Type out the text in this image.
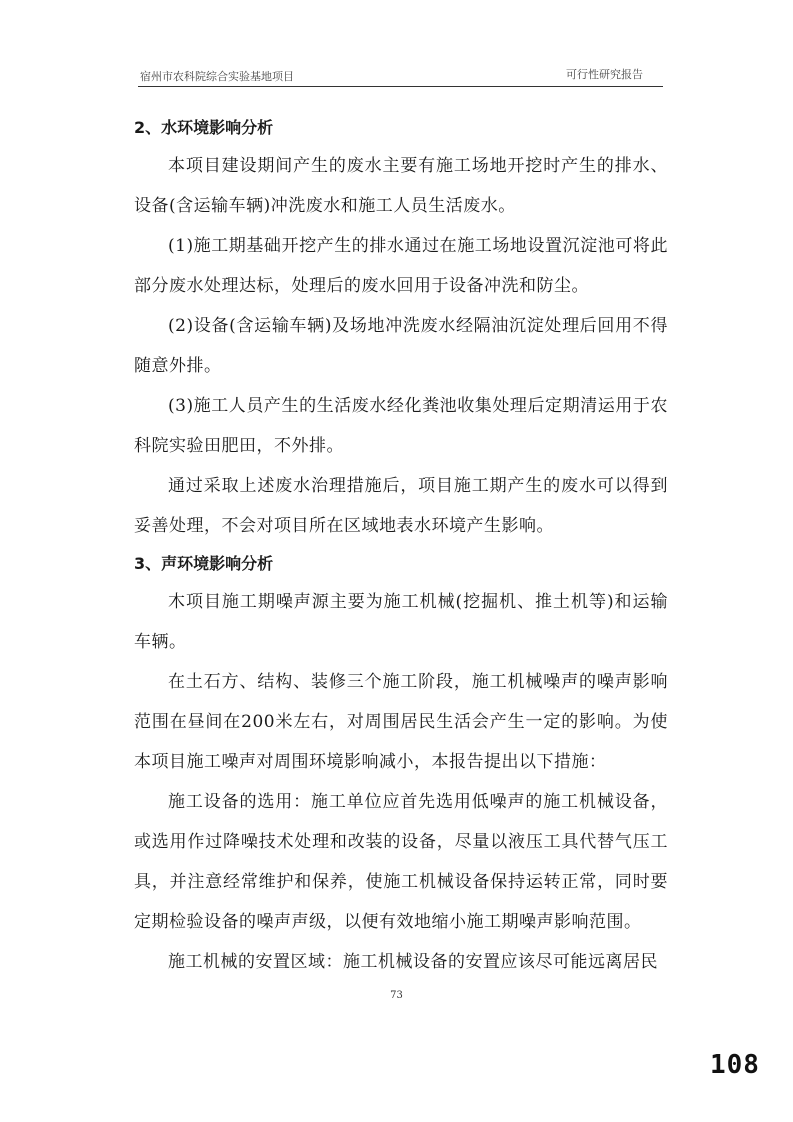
宿州市农科院综合实验基地项目	可行性研究报告
2、水环境影响分析

本项目建设期间产生的废水主要有施工场地开挖时产生的排水、设备(含运输车辆)冲洗废水和施工人员生活废水。

(1)施工期基础开挖产生的排水通过在施工场地设置沉淀池可将此部分废水处理达标，处理后的废水回用于设备冲洗和防尘。

(2)设备(含运输车辆)及场地冲洗废水经隔油沉淀处理后回用不得随意外排。

(3)施工人员产生的生活废水经化粪池收集处理后定期清运用于农科院实验田肥田，不外排。

通过采取上述废水治理措施后，项目施工期产生的废水可以得到妥善处理，不会对项目所在区域地表水环境产生影响。

3、声环境影响分析

木项目施工期噪声源主要为施工机械(挖掘机、推土机等)和运输车辆。

在土石方、结构、装修三个施工阶段，施工机械噪声的噪声影响范围在昼间在200米左右，对周围居民生活会产生一定的影响。为使本项目施工噪声对周围环境影响减小，本报告提出以下措施：

施工设备的选用：施工单位应首先选用低噪声的施工机械设备，或选用作过降噪技术处理和改装的设备，尽量以液压工具代替气压工具，并注意经常维护和保养，使施工机械设备保持运转正常，同时要定期检验设备的噪声声级，以便有效地缩小施工期噪声影响范围。

施工机械的安置区域：施工机械设备的安置应该尽可能远离居民

73
108
